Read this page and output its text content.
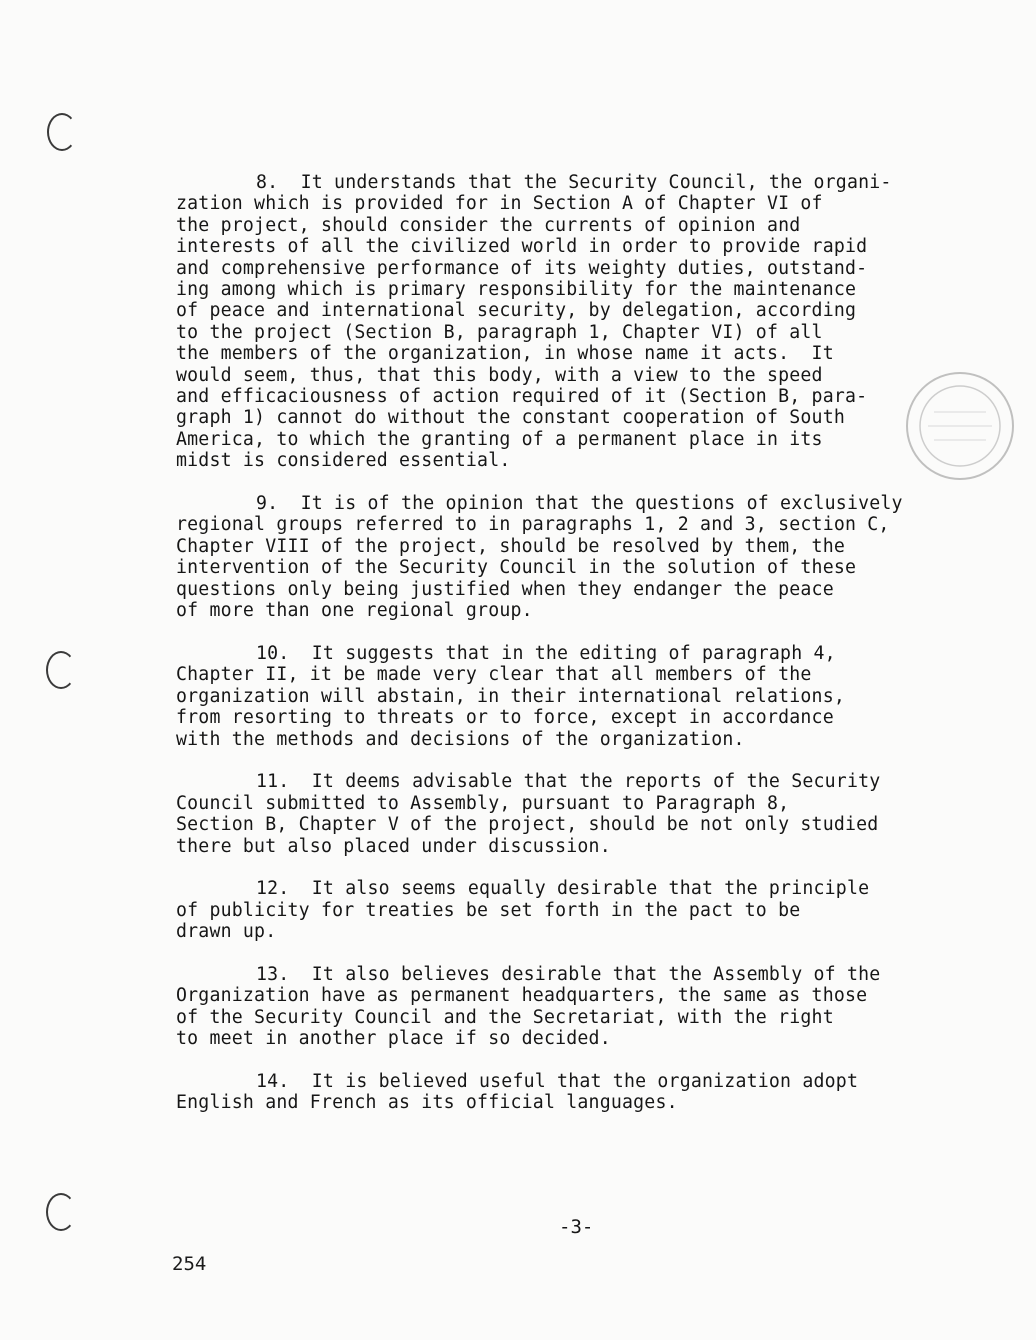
8.  It understands that the Security Council, the organi-
zation which is provided for in Section A of Chapter VI of
the project, should consider the currents of opinion and
interests of all the civilized world in order to provide rapid
and comprehensive performance of its weighty duties, outstand-
ing among which is primary responsibility for the maintenance
of peace and international security, by delegation, according
to the project (Section B, paragraph 1, Chapter VI) of all
the members of the organization, in whose name it acts.  It
would seem, thus, that this body, with a view to the speed
and efficaciousness of action required of it (Section B, para-
graph 1) cannot do without the constant cooperation of South
America, to which the granting of a permanent place in its
midst is considered essential.
9.  It is of the opinion that the questions of exclusively
regional groups referred to in paragraphs 1, 2 and 3, section C,
Chapter VIII of the project, should be resolved by them, the
intervention of the Security Council in the solution of these
questions only being justified when they endanger the peace
of more than one regional group.
10.  It suggests that in the editing of paragraph 4,
Chapter II, it be made very clear that all members of the
organization will abstain, in their international relations,
from resorting to threats or to force, except in accordance
with the methods and decisions of the organization.
11.  It deems advisable that the reports of the Security
Council submitted to Assembly, pursuant to Paragraph 8,
Section B, Chapter V of the project, should be not only studied
there but also placed under discussion.
12.  It also seems equally desirable that the principle
of publicity for treaties be set forth in the pact to be
drawn up.
13.  It also believes desirable that the Assembly of the
Organization have as permanent headquarters, the same as those
of the Security Council and the Secretariat, with the right
to meet in another place if so decided.
14.  It is believed useful that the organization adopt
English and French as its official languages.
-3-
254
